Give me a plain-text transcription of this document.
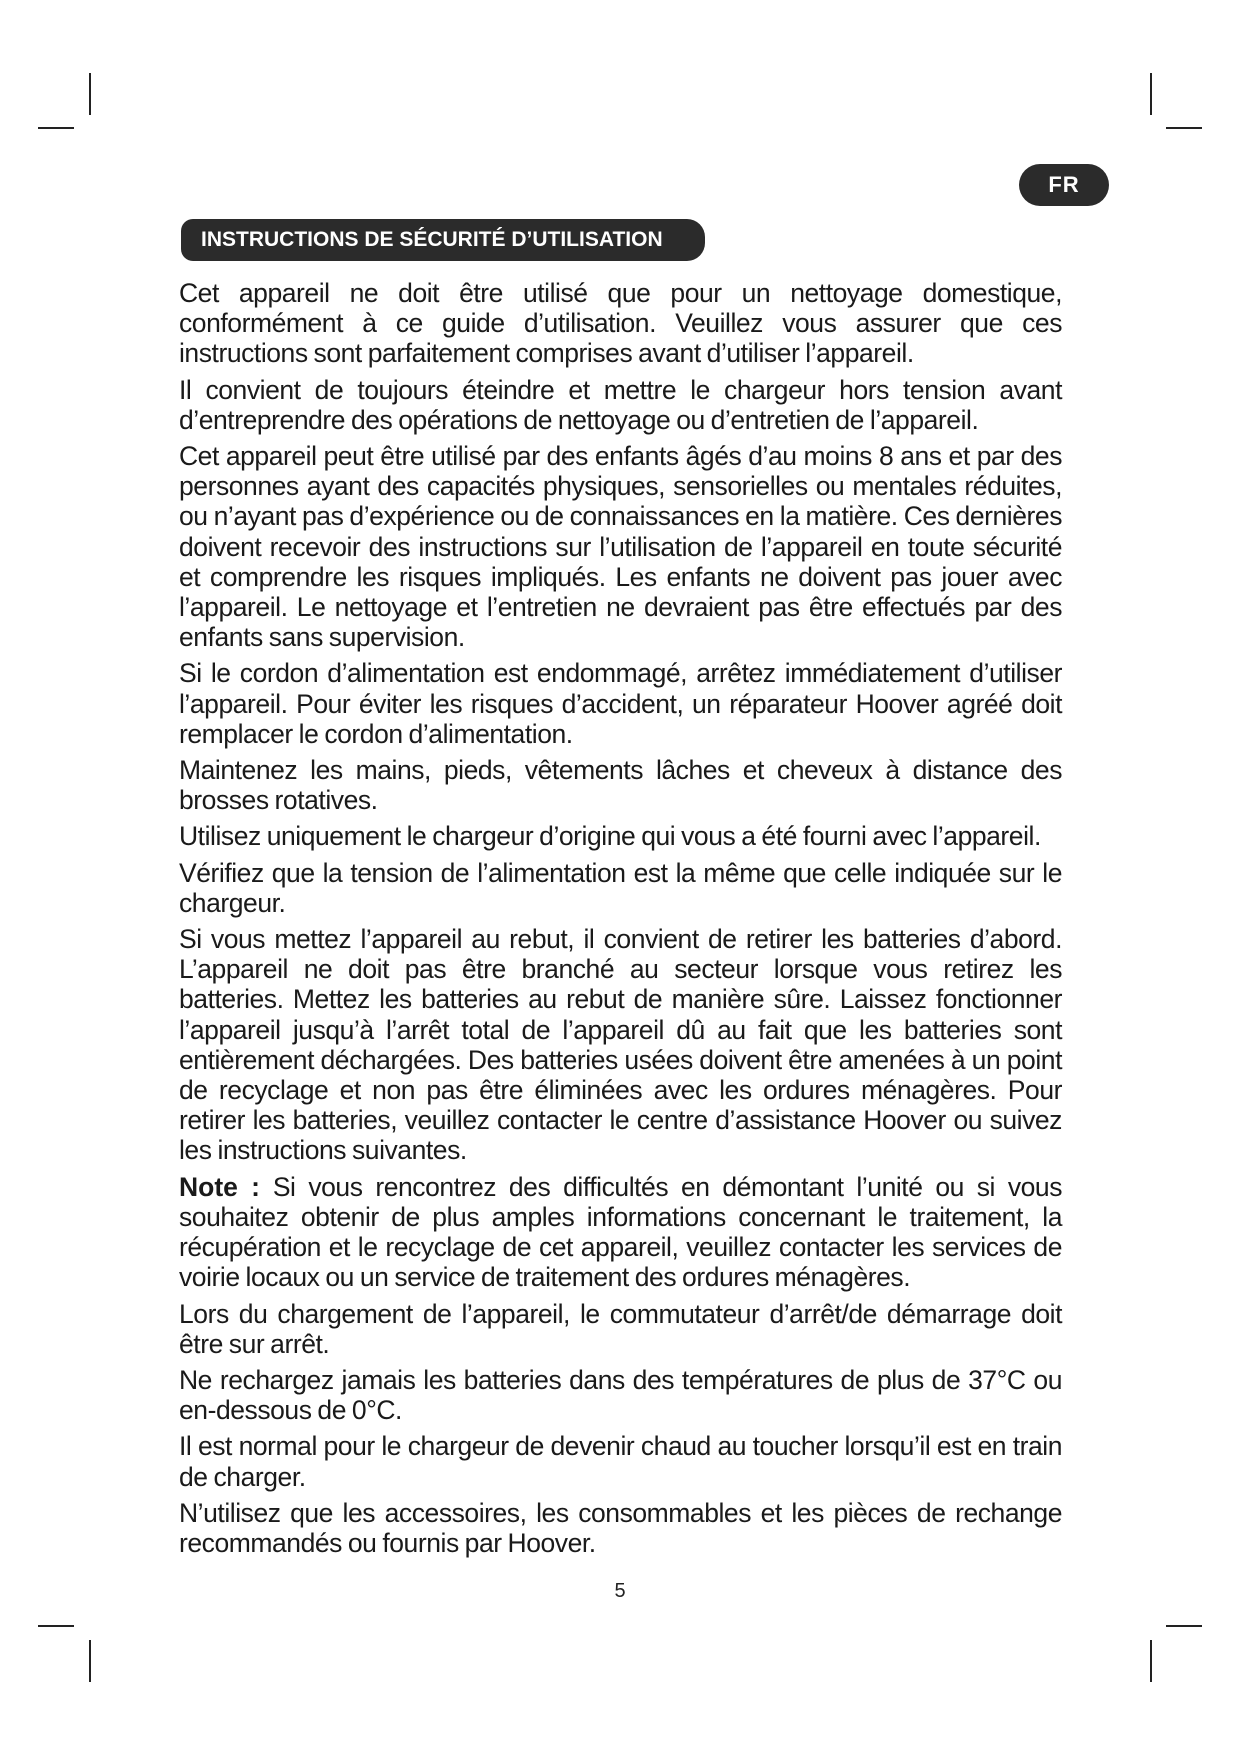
FR
INSTRUCTIONS DE SÉCURITÉ D’UTILISATION

Cet appareil ne doit être utilisé que pour un nettoyage domestique, conformément à ce guide d’utilisation. Veuillez vous assurer que ces instructions sont parfaitement comprises avant d’utiliser l’appareil.

Il convient de toujours éteindre et mettre le chargeur hors tension avant d’entreprendre des opérations de nettoyage ou d’entretien de l’appareil.

Cet appareil peut être utilisé par des enfants âgés d’au moins 8 ans et par des personnes ayant des capacités physiques, sensorielles ou mentales réduites, ou n’ayant pas d’expérience ou de connaissances en la matière. Ces dernières doivent recevoir des instructions sur l’utilisation de l’appareil en toute sécurité et comprendre les risques impliqués. Les enfants ne doivent pas jouer avec l’appareil. Le nettoyage et l’entretien ne devraient pas être effectués par des enfants sans supervision.

Si le cordon d’alimentation est endommagé, arrêtez immédiatement d’utiliser l’appareil. Pour éviter les risques d’accident, un réparateur Hoover agréé doit remplacer le cordon d’alimentation.

Maintenez les mains, pieds, vêtements lâches et cheveux à distance des brosses rotatives.

Utilisez uniquement le chargeur d’origine qui vous a été fourni avec l’appareil.

Vérifiez que la tension de l’alimentation est la même que celle indiquée sur le chargeur.

Si vous mettez l’appareil au rebut, il convient de retirer les batteries d’abord. L’appareil ne doit pas être branché au secteur lorsque vous retirez les batteries. Mettez les batteries au rebut de manière sûre. Laissez fonctionner l’appareil jusqu’à l’arrêt total de l’appareil dû au fait que les batteries sont entièrement déchargées. Des batteries usées doivent être amenées à un point de recyclage et non pas être éliminées avec les ordures ménagères. Pour retirer les batteries, veuillez contacter le centre d’assistance Hoover ou suivez les instructions suivantes.

Note : Si vous rencontrez des difficultés en démontant l’unité ou si vous souhaitez obtenir de plus amples informations concernant le traitement, la récupération et le recyclage de cet appareil, veuillez contacter les services de voirie locaux ou un service de traitement des ordures ménagères.

Lors du chargement de l’appareil, le commutateur d’arrêt/de démarrage doit être sur arrêt.

Ne rechargez jamais les batteries dans des températures de plus de 37°C ou en-dessous de 0°C.

Il est normal pour le chargeur de devenir chaud au toucher lorsqu’il est en train de charger.

N’utilisez que les accessoires, les consommables et les pièces de rechange recommandés ou fournis par Hoover.

5
